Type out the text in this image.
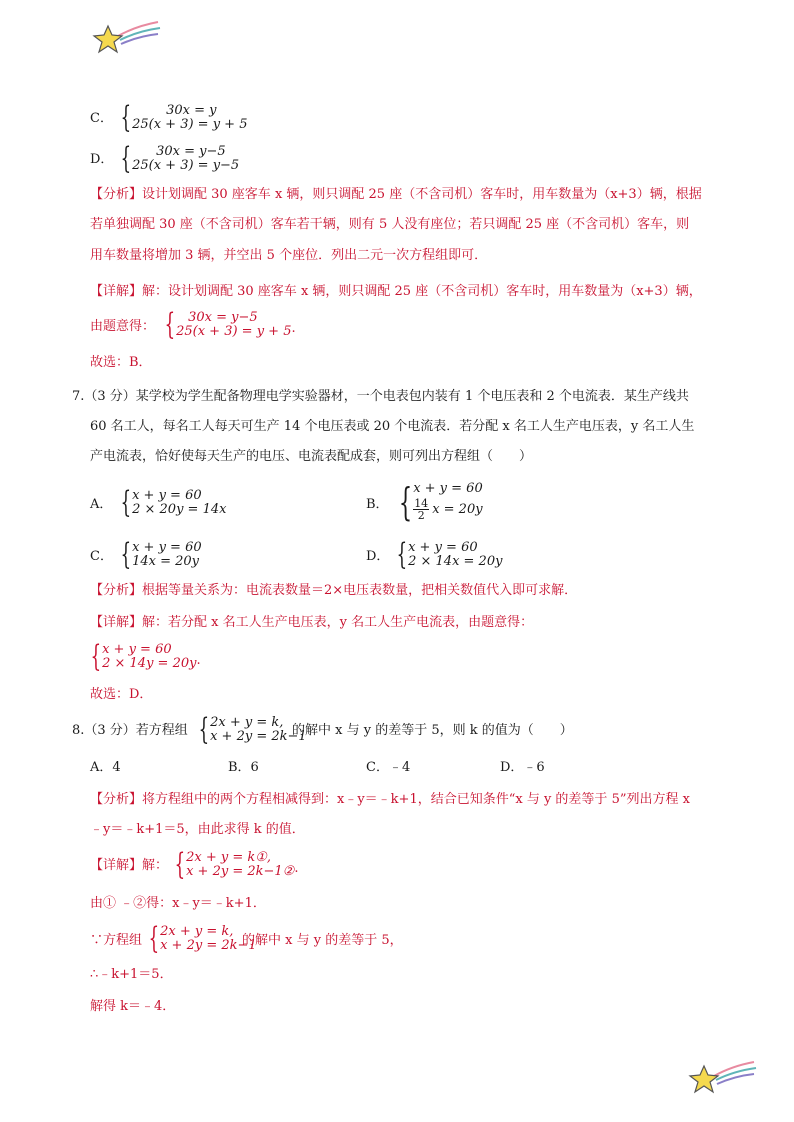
C． {	30x = y
25(x + 3) = y + 5
D． {	30x = y−5
25(x + 3) = y−5
【分析】设计划调配 30 座客车 x 辆，则只调配 25 座（不含司机）客车时，用车数量为（x+3）辆，根据
若单独调配 30 座（不含司机）客车若干辆，则有 5 人没有座位；若只调配 25 座（不含司机）客车，则
用车数量将增加 3 辆，并空出 5 个座位．列出二元一次方程组即可．
【详解】解：设计划调配 30 座客车 x 辆，则只调配 25 座（不含司机）客车时，用车数量为（x+3）辆，
由题意得： {	30x = y−5
25(x + 3) = y + 5 .
故选：B．
7.（3 分）某学校为学生配备物理电学实验器材，一个电表包内装有 1 个电压表和 2 个电流表．某生产线共
60 名工人，每名工人每天可生产 14 个电压表或 20 个电流表．若分配 x 名工人生产电压表，y 名工人生
产电流表，恰好使每天生产的电压、电流表配成套，则可列出方程组（　　）
A． { x + y = 60
2 × 20y = 14x	B． { x + y = 60
$\frac{14}{2}$ x = 20y
C． { x + y = 60
14x = 20y	D． { x + y = 60
2 × 14x = 20y
【分析】根据等量关系为：电流表数量＝2×电压表数量，把相关数值代入即可求解．
【详解】解：若分配 x 名工人生产电压表，y 名工人生产电流表，由题意得：
{ x + y = 60
2 × 14y = 20y .
故选：D．
8.（3 分）若方程组 { 2x + y = k,
x + 2y = 2k−1
的解中 x 与 y 的差等于 5，则 k 的值为（　　）
A．4	B．6	C．﹣4	D．﹣6
【分析】将方程组中的两个方程相减得到：x﹣y＝﹣k+1，结合已知条件“x 与 y 的差等于 5”列出方程 x
﹣y＝﹣k+1＝5，由此求得 k 的值．
【详解】解： { 2x + y = k①,
x + 2y = 2k−1② .
由① ﹣②得：x﹣y＝﹣k+1．
∵方程组 { 2x + y = k,
x + 2y = 2k−1
的解中 x 与 y 的差等于 5，
∴﹣k+1＝5．
解得 k＝﹣4．
